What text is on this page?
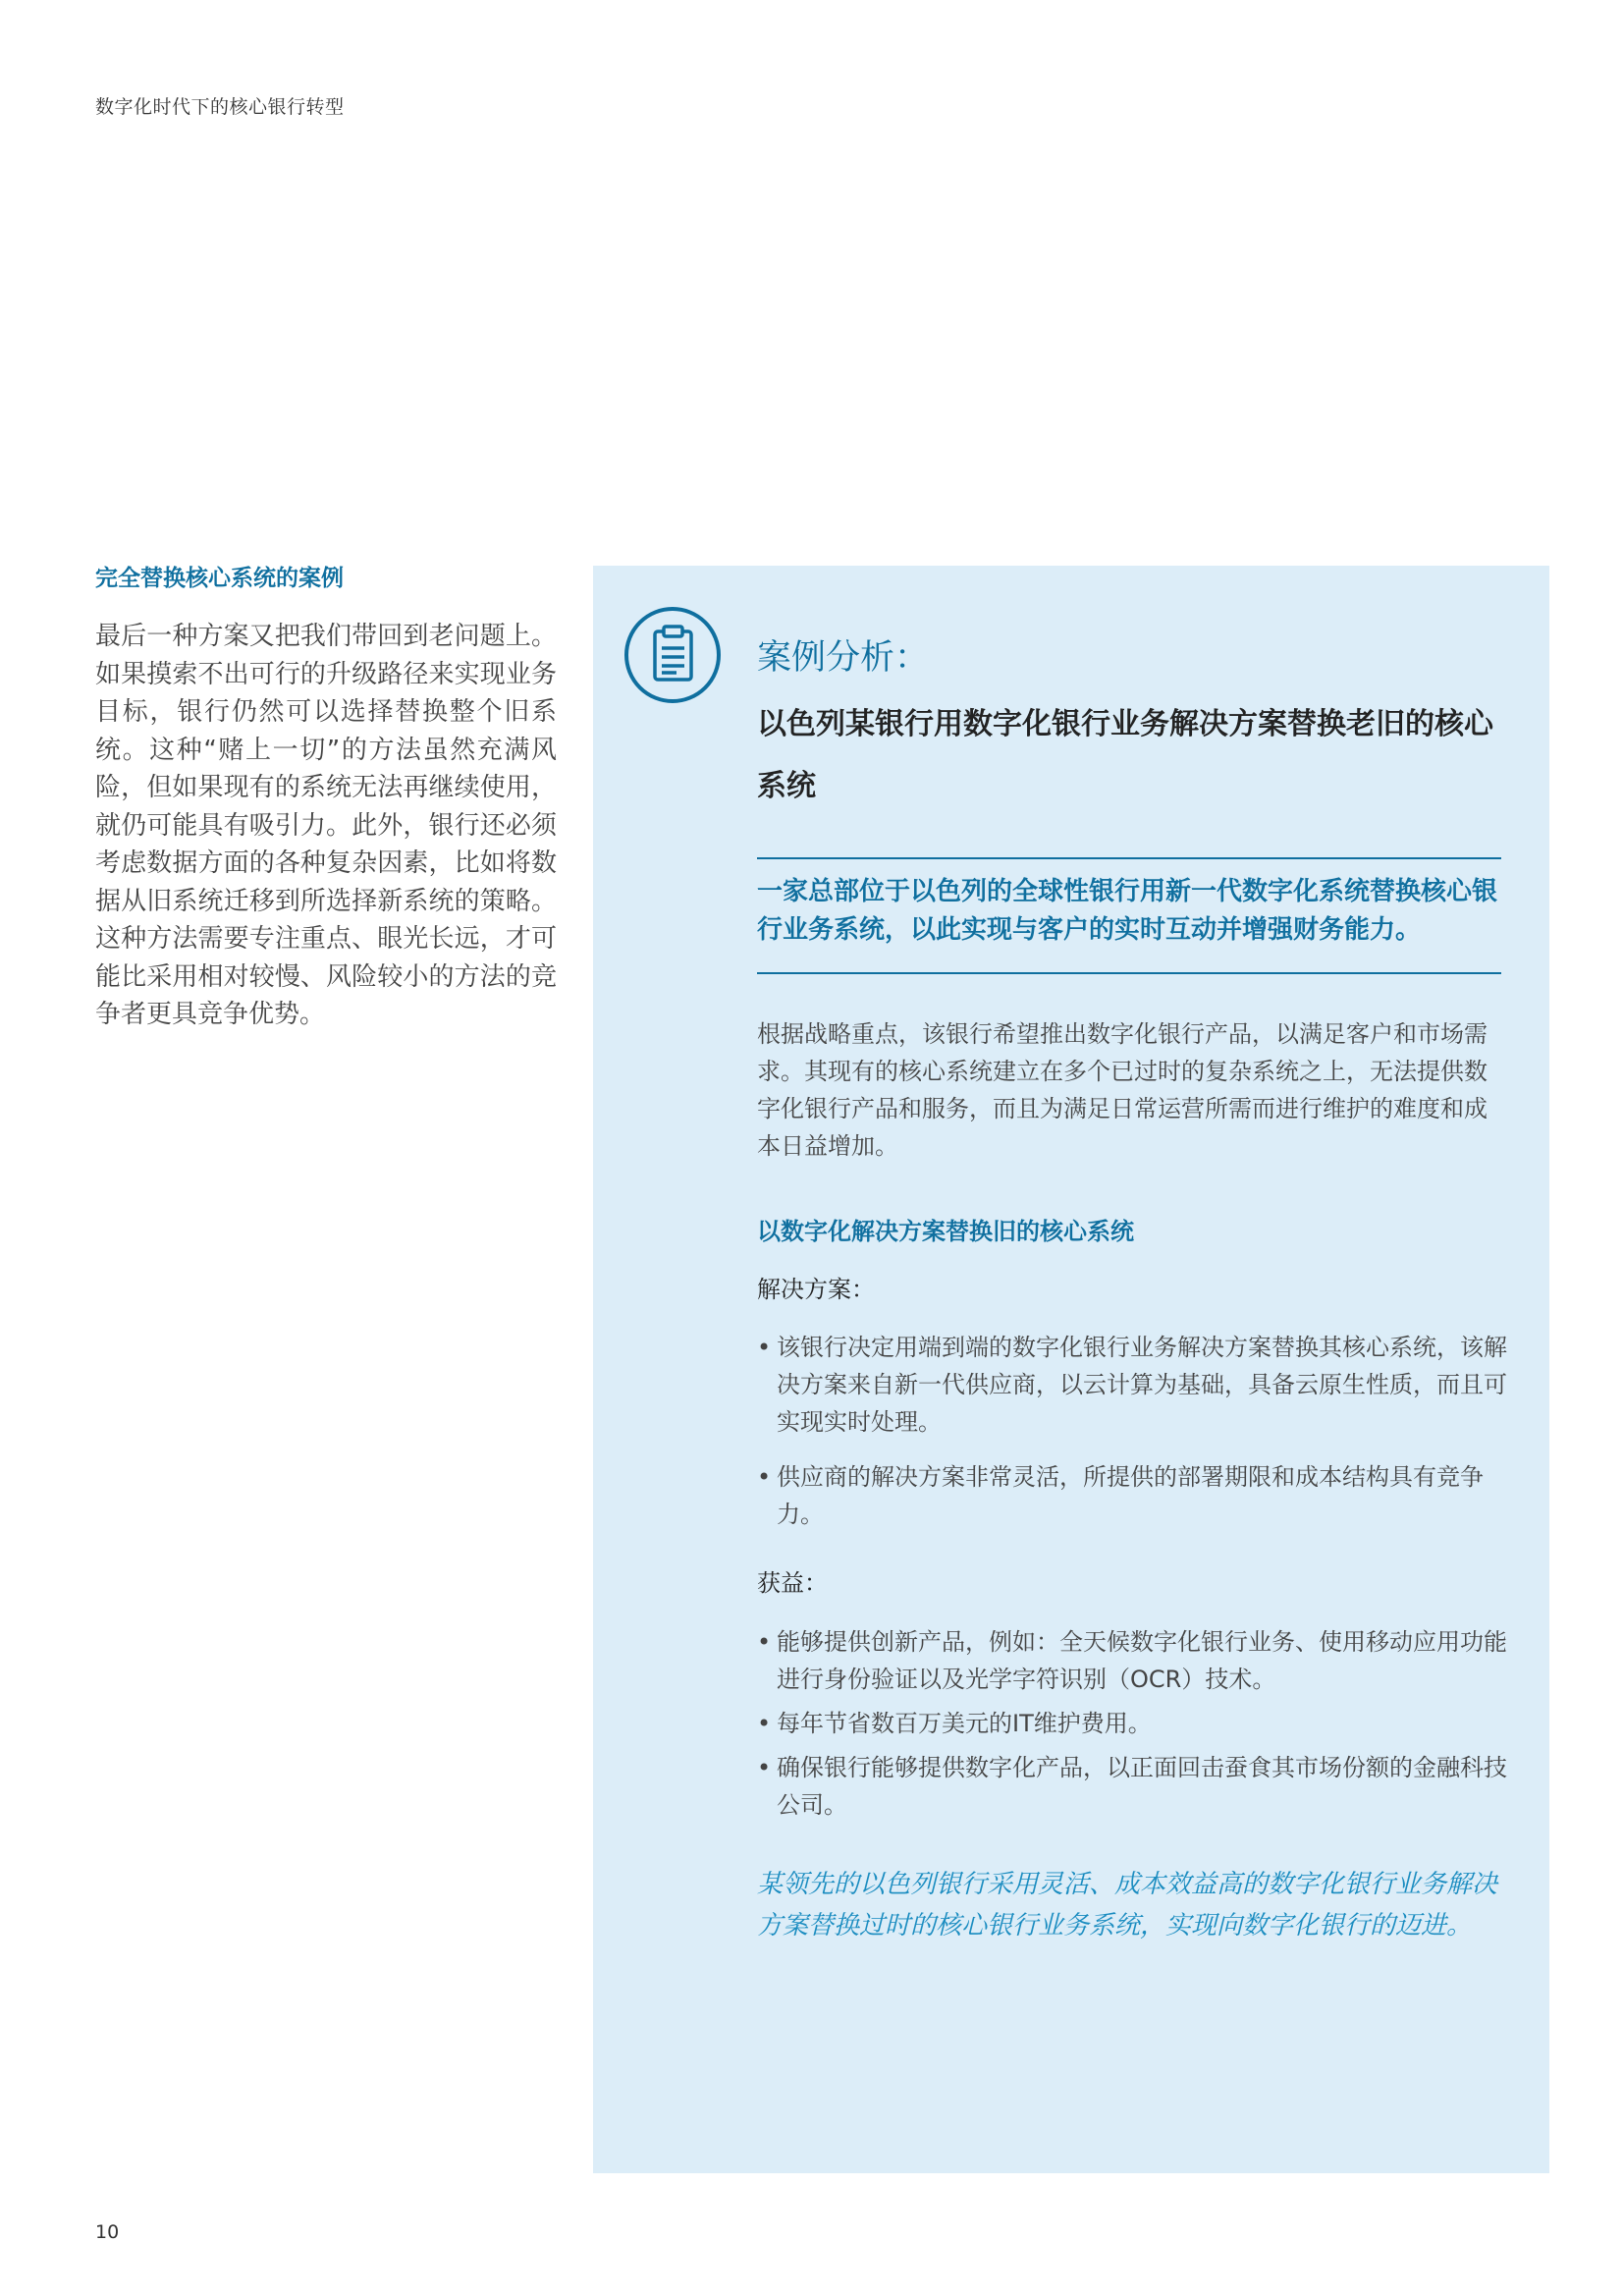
数字化时代下的核心银行转型
完全替换核心系统的案例

最后一种方案又把我们带回到老问题上。如果摸索不出可行的升级路径来实现业务目标，银行仍然可以选择替换整个旧系统。这种“赌上一切”的方法虽然充满风险，但如果现有的系统无法再继续使用，就仍可能具有吸引力。此外，银行还必须考虑数据方面的各种复杂因素，比如将数据从旧系统迁移到所选择新系统的策略。这种方法需要专注重点、眼光长远，才可能比采用相对较慢、风险较小的方法的竞争者更具竞争优势。

案例分析：
以色列某银行用数字化银行业务解决方案替换老旧的核心系统

一家总部位于以色列的全球性银行用新一代数字化系统替换核心银行业务系统，以此实现与客户的实时互动并增强财务能力。

根据战略重点，该银行希望推出数字化银行产品，以满足客户和市场需求。其现有的核心系统建立在多个已过时的复杂系统之上，无法提供数字化银行产品和服务，而且为满足日常运营所需而进行维护的难度和成本日益增加。

以数字化解决方案替换旧的核心系统

解决方案：

• 该银行决定用端到端的数字化银行业务解决方案替换其核心系统，该解决方案来自新一代供应商，以云计算为基础，具备云原生性质，而且可实现实时处理。
• 供应商的解决方案非常灵活，所提供的部署期限和成本结构具有竞争力。

获益：

• 能够提供创新产品，例如：全天候数字化银行业务、使用移动应用功能进行身份验证以及光学字符识别（OCR）技术。
• 每年节省数百万美元的IT维护费用。
• 确保银行能够提供数字化产品，以正面回击蚕食其市场份额的金融科技公司。

某领先的以色列银行采用灵活、成本效益高的数字化银行业务解决方案替换过时的核心银行业务系统，实现向数字化银行的迈进。

10
